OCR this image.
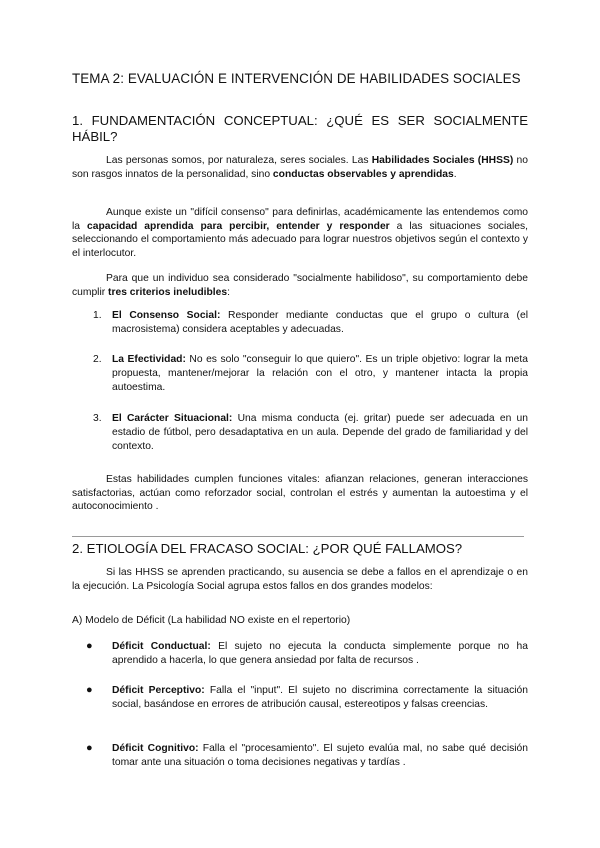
TEMA 2: EVALUACIÓN E INTERVENCIÓN DE HABILIDADES SOCIALES
1. FUNDAMENTACIÓN CONCEPTUAL: ¿QUÉ ES SER SOCIALMENTE HÁBIL?

Las personas somos, por naturaleza, seres sociales. Las Habilidades Sociales (HHSS) no son rasgos innatos de la personalidad, sino conductas observables y aprendidas.

Aunque existe un "difícil consenso" para definirlas, académicamente las entendemos como la capacidad aprendida para percibir, entender y responder a las situaciones sociales, seleccionando el comportamiento más adecuado para lograr nuestros objetivos según el contexto y el interlocutor.

Para que un individuo sea considerado "socialmente habilidoso", su comportamiento debe cumplir tres criterios ineludibles:

1. El Consenso Social: Responder mediante conductas que el grupo o cultura (el macrosistema) considera aceptables y adecuadas.
2. La Efectividad: No es solo "conseguir lo que quiero". Es un triple objetivo: lograr la meta propuesta, mantener/mejorar la relación con el otro, y mantener intacta la propia autoestima.
3. El Carácter Situacional: Una misma conducta (ej. gritar) puede ser adecuada en un estadio de fútbol, pero desadaptativa en un aula. Depende del grado de familiaridad y del contexto.

Estas habilidades cumplen funciones vitales: afianzan relaciones, generan interacciones satisfactorias, actúan como reforzador social, controlan el estrés y aumentan la autoestima y el autoconocimiento .

2. ETIOLOGÍA DEL FRACASO SOCIAL: ¿POR QUÉ FALLAMOS?

Si las HHSS se aprenden practicando, su ausencia se debe a fallos en el aprendizaje o en la ejecución. La Psicología Social agrupa estos fallos en dos grandes modelos:

A) Modelo de Déficit (La habilidad NO existe en el repertorio)
● Déficit Conductual: El sujeto no ejecuta la conducta simplemente porque no ha aprendido a hacerla, lo que genera ansiedad por falta de recursos .
● Déficit Perceptivo: Falla el "input". El sujeto no discrimina correctamente la situación social, basándose en errores de atribución causal, estereotipos y falsas creencias.
● Déficit Cognitivo: Falla el "procesamiento". El sujeto evalúa mal, no sabe qué decisión tomar ante una situación o toma decisiones negativas y tardías .
